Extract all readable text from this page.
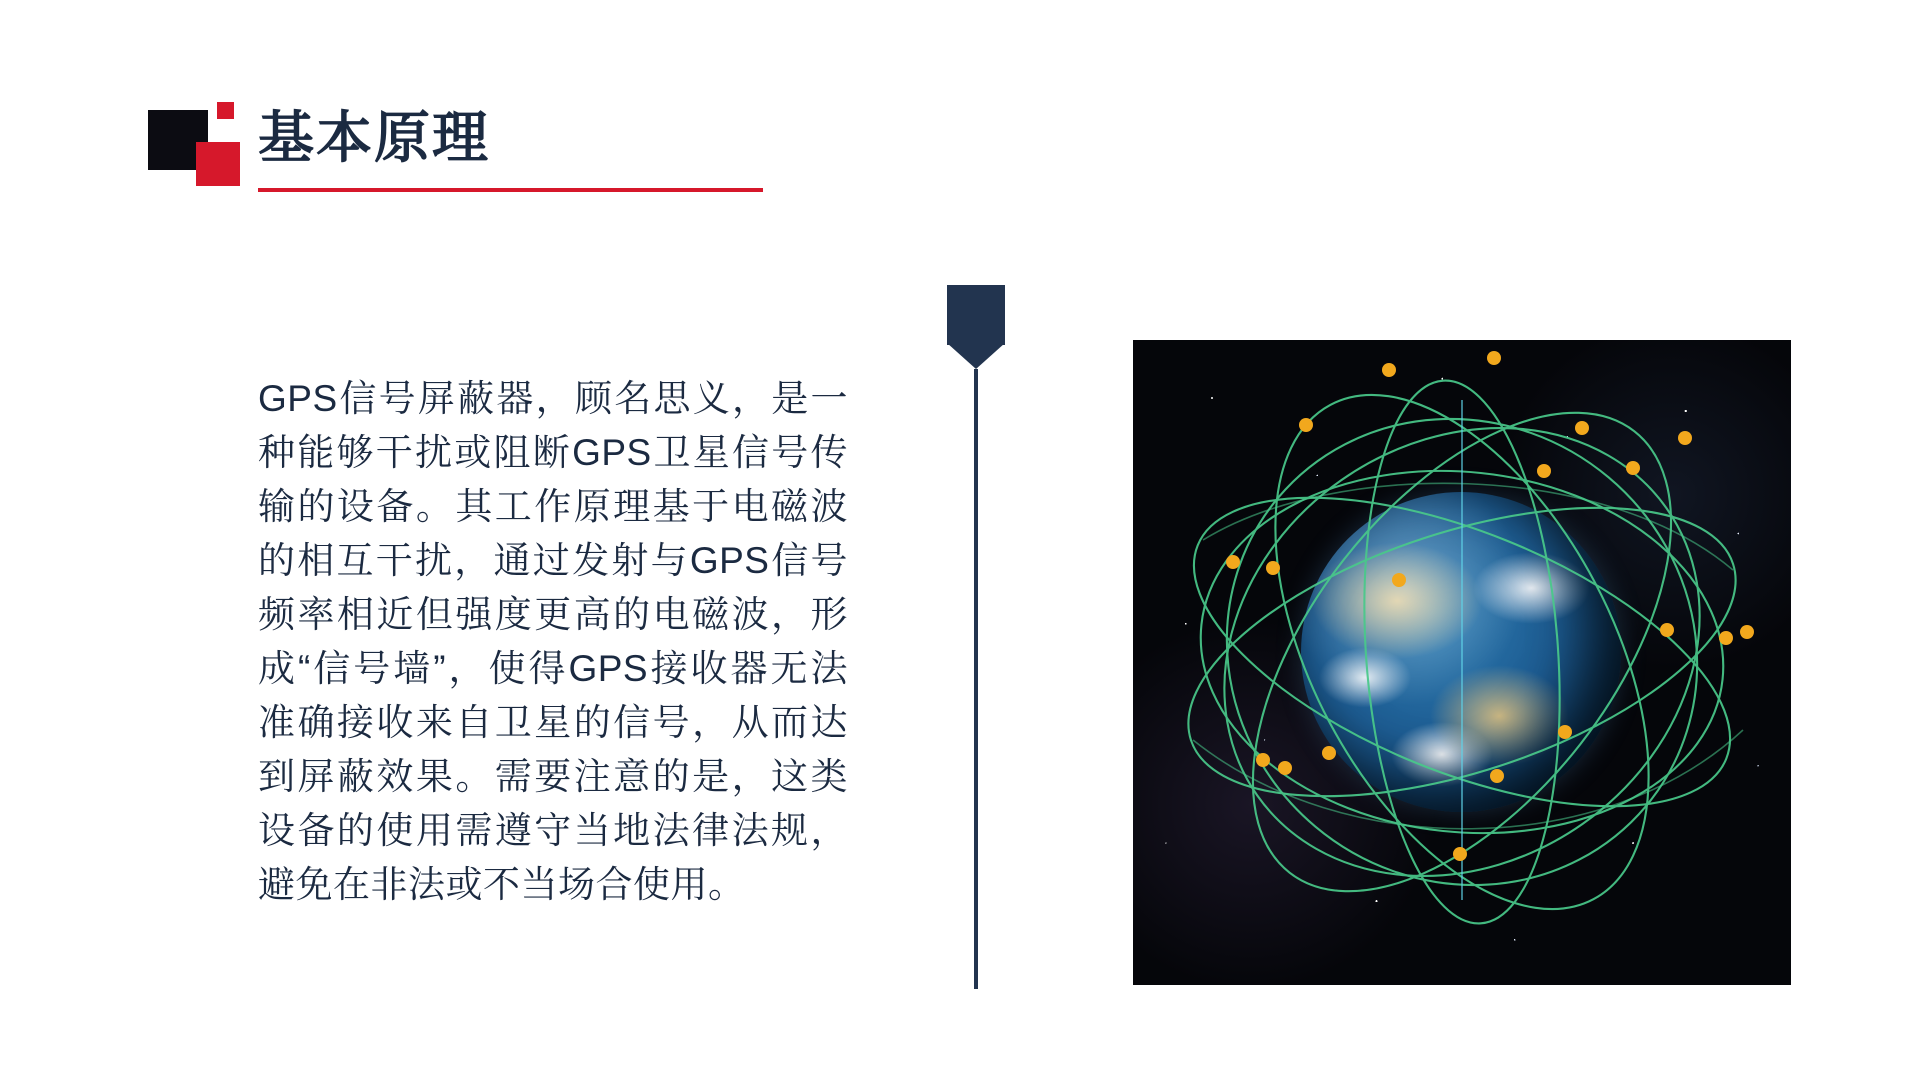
基本原理
GPS信号屏蔽器，顾名思义，是一种能够干扰或阻断GPS卫星信号传输的设备。其工作原理基于电磁波的相互干扰，通过发射与GPS信号频率相近但强度更高的电磁波，形成“信号墙”，使得GPS接收器无法准确接收来自卫星的信号，从而达到屏蔽效果。需要注意的是，这类设备的使用需遵守当地法律法规，避免在非法或不当场合使用。
